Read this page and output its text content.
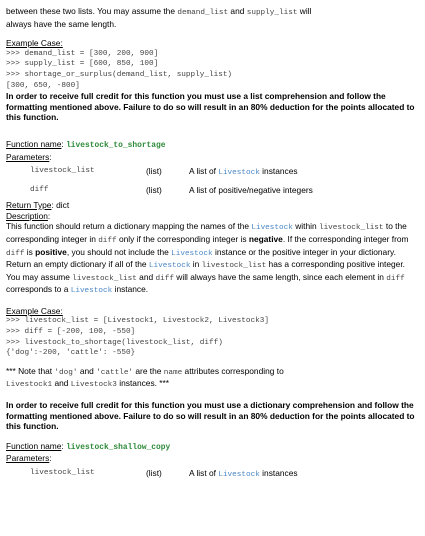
between these two lists. You may assume the demand_list and supply_list will
always have the same length.
Example Case:
>>> demand_list = [300, 200, 900]
>>> supply_list = [600, 850, 100]
>>> shortage_or_surplus(demand_list, supply_list)
[300, 650, -800]
In order to receive full credit for this function you must use a list comprehension and follow the formatting mentioned above. Failure to do so will result in an 80% deduction for the points allocated to this function.
Function name: livestock_to_shortage
Parameters:
livestock_list	(list)	A list of Livestock instances
diff	(list)	A list of positive/negative integers
Return Type: dict
Description:
This function should return a dictionary mapping the names of the Livestock within livestock_list to the corresponding integer in diff only if the corresponding integer is negative. If the corresponding integer from diff is positive, you should not include the Livestock instance or the positive integer in your dictionary. Return an empty dictionary if all of the Livestock in livestock_list has a corresponding positive integer. You may assume livestock_list and diff will always have the same length, since each element in diff corresponds to a Livestock instance.
Example Case:
>>> livestock_list = [Livestock1, Livestock2, Livestock3]
>>> diff = [-200, 100, -550]
>>> livestock_to_shortage(livestock_list, diff)
{'dog':-200, 'cattle': -550}
*** Note that 'dog' and 'cattle' are the name attributes corresponding to
Livestock1 and Livestock3 instances. ***
In order to receive full credit for this function you must use a dictionary comprehension and follow the formatting mentioned above. Failure to do so will result in an 80% deduction for the points allocated to this function.
Function name: livestock_shallow_copy
Parameters:
livestock_list	(list)	A list of Livestock instances
